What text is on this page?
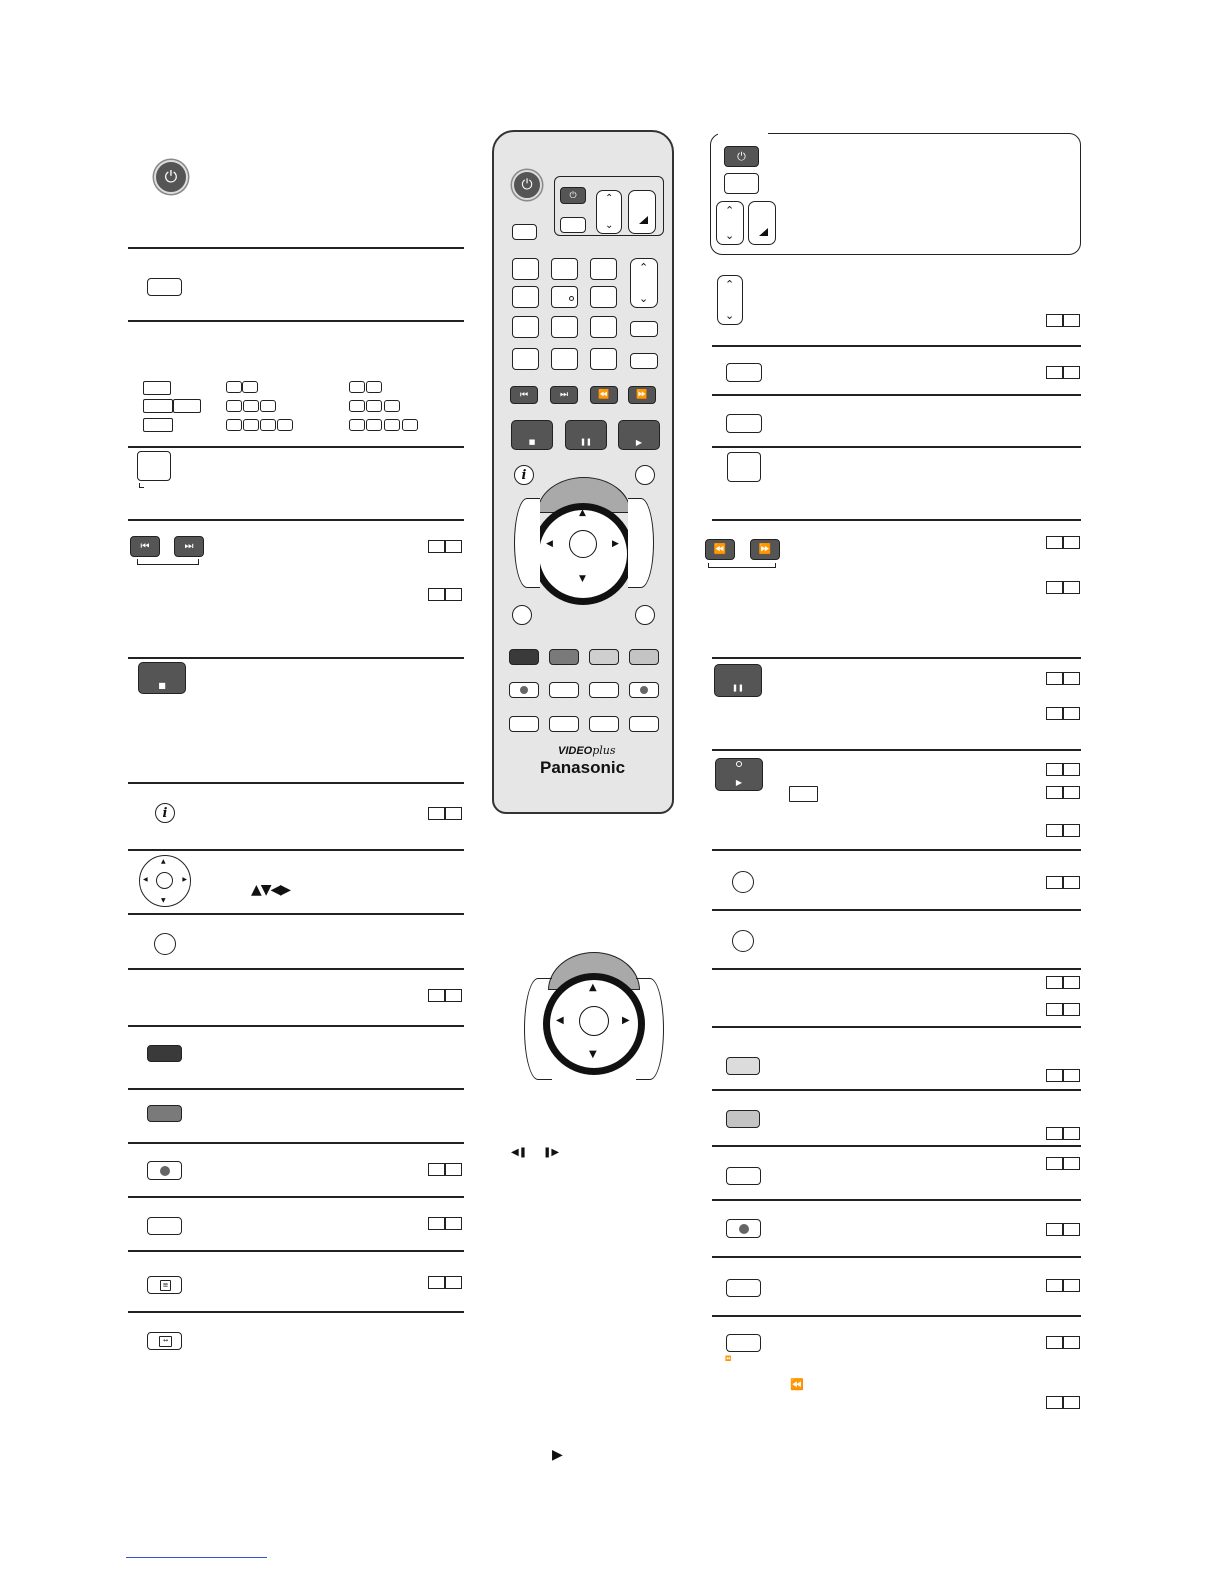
⏻
⏮	⏭
■
i
▲
▼
◀	▶
▲▼◀▶
≡
↔
⏻
⏻	⌃
⌄
⌃
⌄
⏮	⏭	⏪	⏩
■	❚❚	▶
i
▲
▼
◀	▶
VIDEOplus
Panasonic
▲
▼
◀	▶
◀❚ ❚▶
▶
⏻
⌃
⌄
⌃
⌄
⏪	⏩
❚❚
▶
⏪
⏪
